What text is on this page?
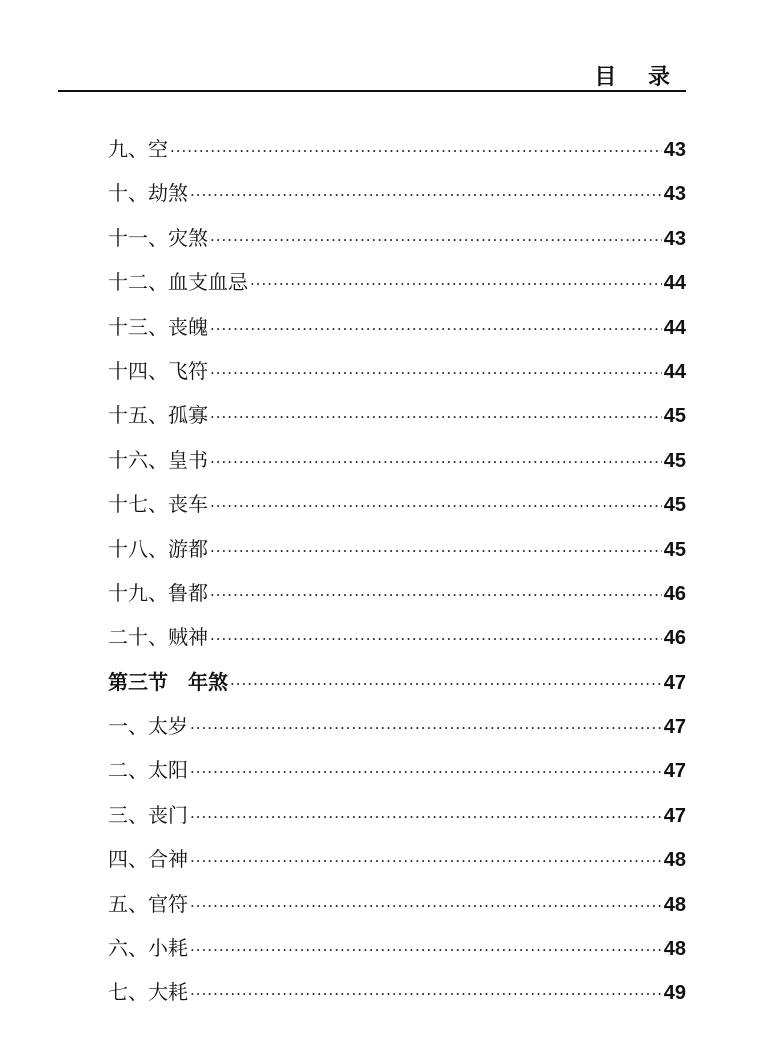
目 录
九、空 ·····	43
十、劫煞 ·····	43
十一、灾煞 ·····	43
十二、血支血忌 ·····	44
十三、丧魄 ·····	44
十四、飞符 ·····	44
十五、孤寡 ·····	45
十六、皇书 ·····	45
十七、丧车 ·····	45
十八、游都 ·····	45
十九、鲁都 ·····	46
二十、贼神 ·····	46
第三节　年煞 ·····	47
一、太岁 ·····	47
二、太阳 ·····	47
三、丧门 ·····	47
四、合神 ·····	48
五、官符 ·····	48
六、小耗 ·····	48
七、大耗 ·····	49
